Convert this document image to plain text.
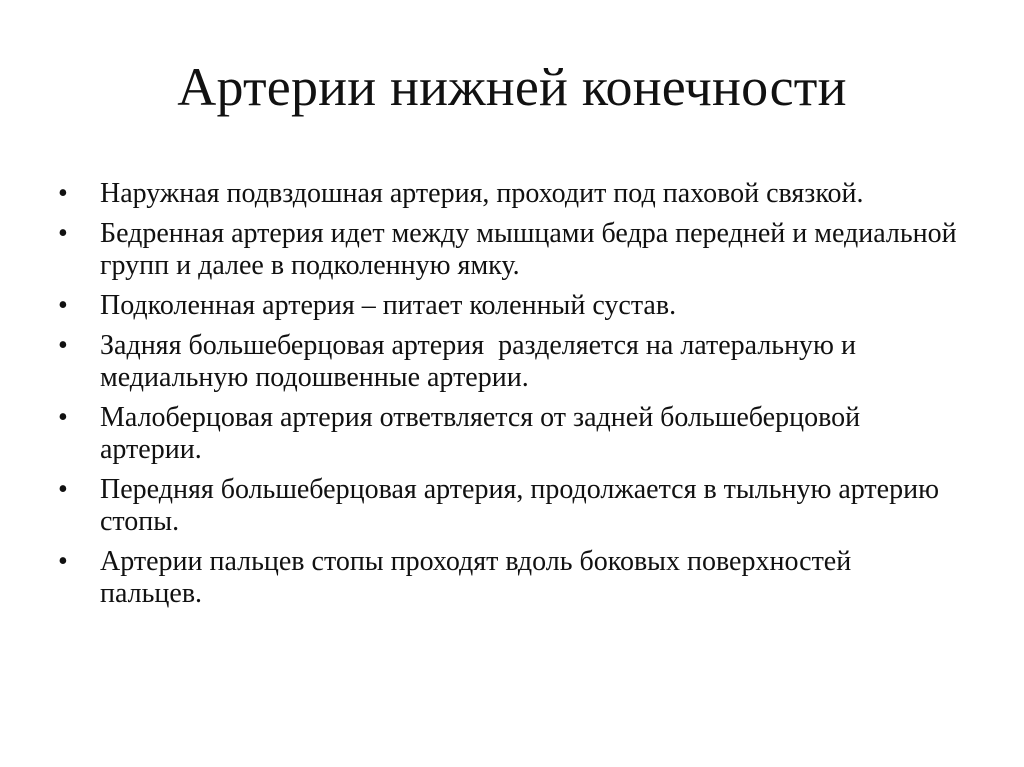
Артерии нижней конечности
•	Наружная подвздошная артерия, проходит под паховой связкой.
•	Бедренная артерия идет между мышцами бедра передней и медиальной групп и далее в подколенную ямку.
•	Подколенная артерия – питает коленный сустав.
•	Задняя большеберцовая артерия  разделяется на латеральную и медиальную подошвенные артерии.
•	Малоберцовая артерия ответвляется от задней большеберцовой артерии.
•	Передняя большеберцовая артерия, продолжается в тыльную артерию стопы.
•	Артерии пальцев стопы проходят вдоль боковых поверхностей пальцев.
